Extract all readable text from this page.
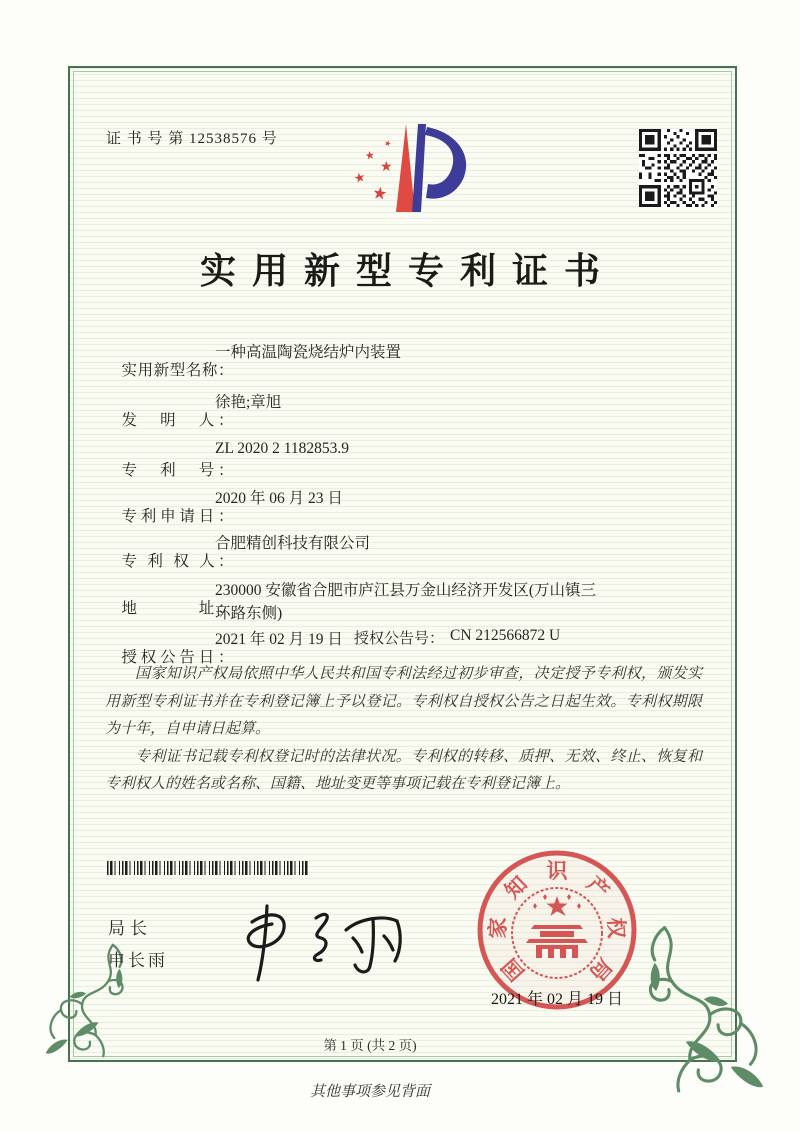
证 书 号 第 12538576 号	★
★
★
★
★
实用新型专利证书

实用新型名称：

一种高温陶瓷烧结炉内装置

发　明　人：

徐艳;章旭

专　利　号：

ZL 2020 2 1182853.9

专利申请日：

2020 年 06 月 23 日

专 利 权 人：

合肥精创科技有限公司

地　　　址：

230000 安徽省合肥市庐江县万金山经济开发区(万山镇三

环路东侧)

授权公告日：

2021 年 02 月 19 日

授权公告号：

CN 212566872 U

国家知识产权局依照中华人民共和国专利法经过初步审查，决定授予专利权，颁发实用新型专利证书并在专利登记簿上予以登记。专利权自授权公告之日起生效。专利权期限为十年，自申请日起算。

专利证书记载专利权登记时的法律状况。专利权的转移、质押、无效、终止、恢复和专利权人的姓名或名称、国籍、地址变更等事项记载在专利登记簿上。

局长
申长雨	国
家
知
识
产
权
局
2021 年 02 月 19 日
第 1 页 (共 2 页)
其他事项参见背面
